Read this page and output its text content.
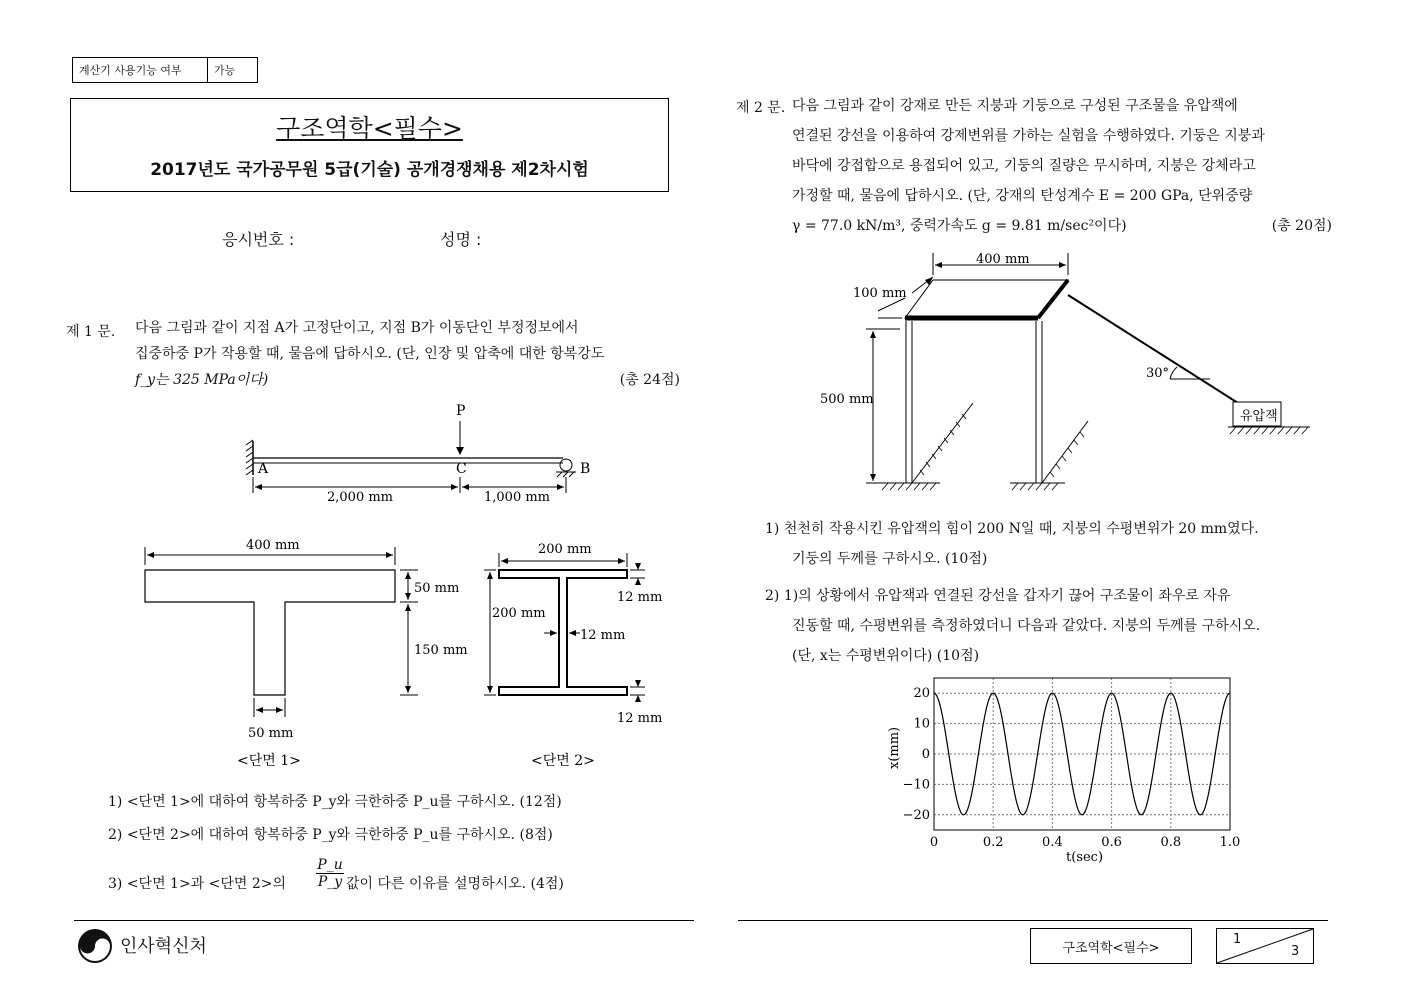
계산기 사용기능 여부	가능
구조역학<필수>
2017년도 국가공무원 5급(기술) 공개경쟁채용 제2차시험
응시번호 :	성명 :
제 1 문. 다음 그림과 같이 지점 A가 고정단이고, 지점 B가 이동단인 부정정보에서
집중하중 P가 작용할 때, 물음에 답하시오. (단, 인장 및 압축에 대한 항복강도
f_y는 325 MPa이다)	(총 24점)
P
A	C	B
2,000 mm	1,000 mm
400 mm
50 mm
150 mm
50 mm
<단면 1>
200 mm
200 mm
12 mm
12 mm
12 mm
<단면 2>
1) <단면 1>에 대하여 항복하중 P_y와 극한하중 P_u를 구하시오. (12점)
2) <단면 2>에 대하여 항복하중 P_y와 극한하중 P_u를 구하시오. (8점)
3) <단면 1>과 <단면 2>의 $\frac{P\_u}{P\_y}$ 값이 다른 이유를 설명하시오. (4점)
제 2 문. 다음 그림과 같이 강재로 만든 지붕과 기둥으로 구성된 구조물을 유압잭에
연결된 강선을 이용하여 강제변위를 가하는 실험을 수행하였다. 기둥은 지붕과
바닥에 강접합으로 용접되어 있고, 기둥의 질량은 무시하며, 지붕은 강체라고
가정할 때, 물음에 답하시오. (단, 강재의 탄성계수 E = 200 GPa, 단위중량
γ = 77.0 kN/m³, 중력가속도 g = 9.81 m/sec²이다)	(총 20점)
400 mm
100 mm
500 mm
30°
유압잭
1) 천천히 작용시킨 유압잭의 힘이 200 N일 때, 지붕의 수평변위가 20 mm였다.
기둥의 두께를 구하시오. (10점)
2) 1)의 상황에서 유압잭과 연결된 강선을 갑자기 끊어 구조물이 좌우로 자유
진동할 때, 수평변위를 측정하였더니 다음과 같았다. 지붕의 두께를 구하시오.
(단, x는 수평변위이다) (10점)
20
10
0
−10
−20
0	0.2	0.4	0.6	0.8	1.0
t(sec)
x(mm)
인사혁신처	구조역학<필수>
1
3
